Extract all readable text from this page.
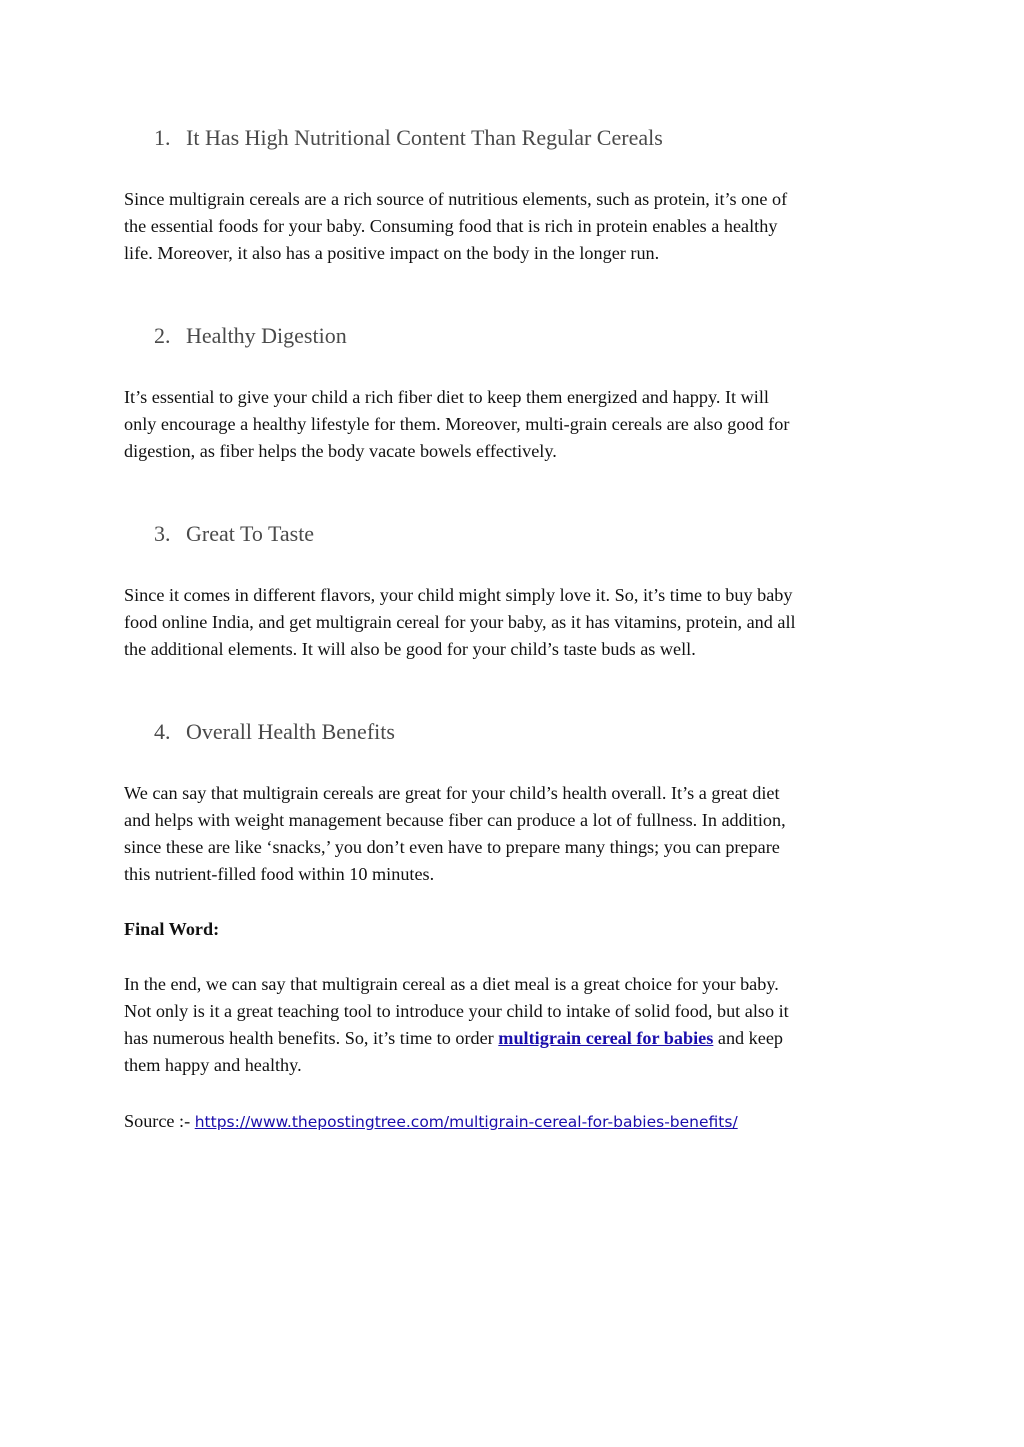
1. It Has High Nutritional Content Than Regular Cereals

Since multigrain cereals are a rich source of nutritious elements, such as protein, it’s one of
the essential foods for your baby. Consuming food that is rich in protein enables a healthy
life. Moreover, it also has a positive impact on the body in the longer run.

2. Healthy Digestion

It’s essential to give your child a rich fiber diet to keep them energized and happy. It will
only encourage a healthy lifestyle for them. Moreover, multi-grain cereals are also good for
digestion, as fiber helps the body vacate bowels effectively.

3. Great To Taste

Since it comes in different flavors, your child might simply love it. So, it’s time to buy baby
food online India, and get multigrain cereal for your baby, as it has vitamins, protein, and all
the additional elements. It will also be good for your child’s taste buds as well.

4. Overall Health Benefits

We can say that multigrain cereals are great for your child’s health overall. It’s a great diet
and helps with weight management because fiber can produce a lot of fullness. In addition,
since these are like ‘snacks,’ you don’t even have to prepare many things; you can prepare
this nutrient-filled food within 10 minutes.

Final Word:

In the end, we can say that multigrain cereal as a diet meal is a great choice for your baby.
Not only is it a great teaching tool to introduce your child to intake of solid food, but also it
has numerous health benefits. So, it’s time to order multigrain cereal for babies and keep
them happy and healthy.

Source :- https://www.thepostingtree.com/multigrain-cereal-for-babies-benefits/
